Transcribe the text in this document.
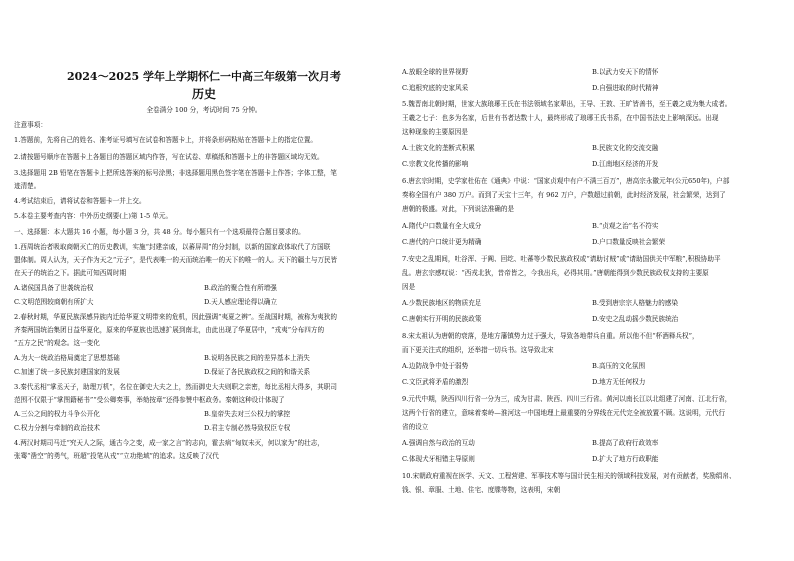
2024～2025 学年上学期怀仁一中高三年级第一次月考
历史
全卷满分 100 分，考试时间 75 分钟。
注意事项：
1.答题前，先将自己的姓名、准考证号填写在试卷和答题卡上，并将条形码粘贴在答题卡上的指定位置。
2.请按题号顺序在答题卡上各题目的答题区域内作答，写在试卷、草稿纸和答题卡上的非答题区域均无效。
3.选择题用 2B 铅笔在答题卡上把所选答案的标号涂黑；非选择题用黑色签字笔在答题卡上作答；字体工整，笔
迹清楚。
4.考试结束后，请将试卷和答题卡一并上交。
5.本卷主要考查内容：中外历史纲要(上)第 1-5 单元。
一、选择题：本大题共 16 小题，每小题 3 分，共 48 分。每小题只有一个选项最符合题目要求的。
1.西周统治者吸取商朝灭亡的历史教训，实施“封建亲戚，以蕃屏周”的分封制，以新的国家政体取代了方国联
盟体制。周人认为，天子作为天之“元子”，是代表唯一的天而统治唯一的天下的唯一的人。天下的疆土与万民皆
在天子的统治之下。据此可知西周时期
A.诸侯国具备了世袭统治权	B.政治的聚合性有所增强
C.文明范围较商朝有所扩大	D.天人感应理论得以确立
2.春秋时期，华夏民族深感异族内迁给华夏文明带来的危机，因此强调“夷夏之辨”。至战国时期，被称为夷狄的
齐秦两国统治集团日益华夏化，原来的华夏族也迅速扩展到南北，由此出现了华夏居中，“戎夷”分布四方的
“五方之民”的观念。这一变化
A.为大一统政治格局奠定了思想基础	B.说明各民族之间的差异基本上消失
C.加速了统一多民族封建国家的发展	D.保证了各民族政权之间的和谐关系
3.秦代丞相“掌丞天子，助理万机”，名位在御史大夫之上，然而御史大夫则职之亲密，每比丞相大得多，其职司
范围不仅限于“掌图籍秘书”“受公卿奏事，举劾按章”还得参赞中枢政务。秦朝这种设计体现了
A.三公之间的权力斗争公开化	B.皇帝失去对三公权力的掌控
C.权力分割与牵制的政治技术	D.君主专制必然导致权臣专权
4.两汉时期司马迁“究天人之际，通古今之变，成一家之言”的志向，霍去病“匈奴未灭，何以家为”的壮志，
张骞“凿空”的勇气，班超“投笔从戎”“立功绝域”的追求。这反映了汉代
A.放眼全球的世界视野	B.以武力安天下的情怀
C.追根究底的史家风采	D.自强进取的时代精神
5.魏晋南北朝时期，世家大族琅琊王氏在书法领域名家辈出，王导、王敦、王旷皆善书，至王羲之成为集大成者。
王羲之七子：也多为名家，后世有书者达数十人，最终形成了琅琊王氏书系，在中国书法史上影响深远。出现
这种现象的主要原因是
A.士族文化的垄断式积累	B.民族文化的交流交融
C.宗教文化传播的影响	D.江南地区经济的开发
6.唐玄宗时期，史学家杜佑在《通典》中说：“国家贞观中有户不满三百万”，唐高宗永徽元年(公元650年)，户部
奏称全国有户 380 万户。而到了天宝十三年，有 962 万户，户数超过前朝，此时经济发展，社会繁荣，达到了
唐朝的极盛。对此，下列说法准确的是
A.隋代户口数量有全大成分	B.“贞观之治”名不符实
C.唐代的户口统计更为精确	D.户口数量反映社会繁荣
7.安史之乱期间，吐谷浑、于阗、回纥、吐蕃等少数民族政权或“请助讨贼”或“请助国供关中军粮”,积极协助平
乱。唐玄宗感叹说：“西戎北狄，昔帝皆之，今我出兵，必得其用。”唐朝能得到少数民族政权支持的主要原
因是
A.少数民族地区的物质充足	B.受到唐宗宗人格魅力的感染
C.唐朝实行开明的民族政策	D.安史之乱动摇少数民族统治
8.宋太祖认为唐朝的衰落，是地方藩镇势力过于强大，导致各地带兵自重。所以他不但“杯酒释兵权”，
而下更关注式的组织，还举措一切兵书。这导致北宋
A.边防战争中处于弱势	B.高压的文化氛围
C.文臣武将矛盾的激烈	D.地方无任何权力
9.元代中期，陕西四川行省一分为三，成为甘肃、陕西、四川三行省。黄河以南长江以北组建了河南、江北行省，
这两个行省的建立，意味着秦岭—淮河这一中国地理上最重要的分界线在元代完全被放置不顾。这说明，元代行
省的设立
A.强调自然与政治的互动	B.提高了政府行政效率
C.体现犬牙相错主导原则	D.扩大了地方行政职能
10.宋朝政府重视在医学、天文、工程营建、军事技术等与国计民生相关的领域科技发展，对有贡献者，奖励绢帛、
钱、银、章服、土地、住宅、度牒等物，这表明，宋朝
